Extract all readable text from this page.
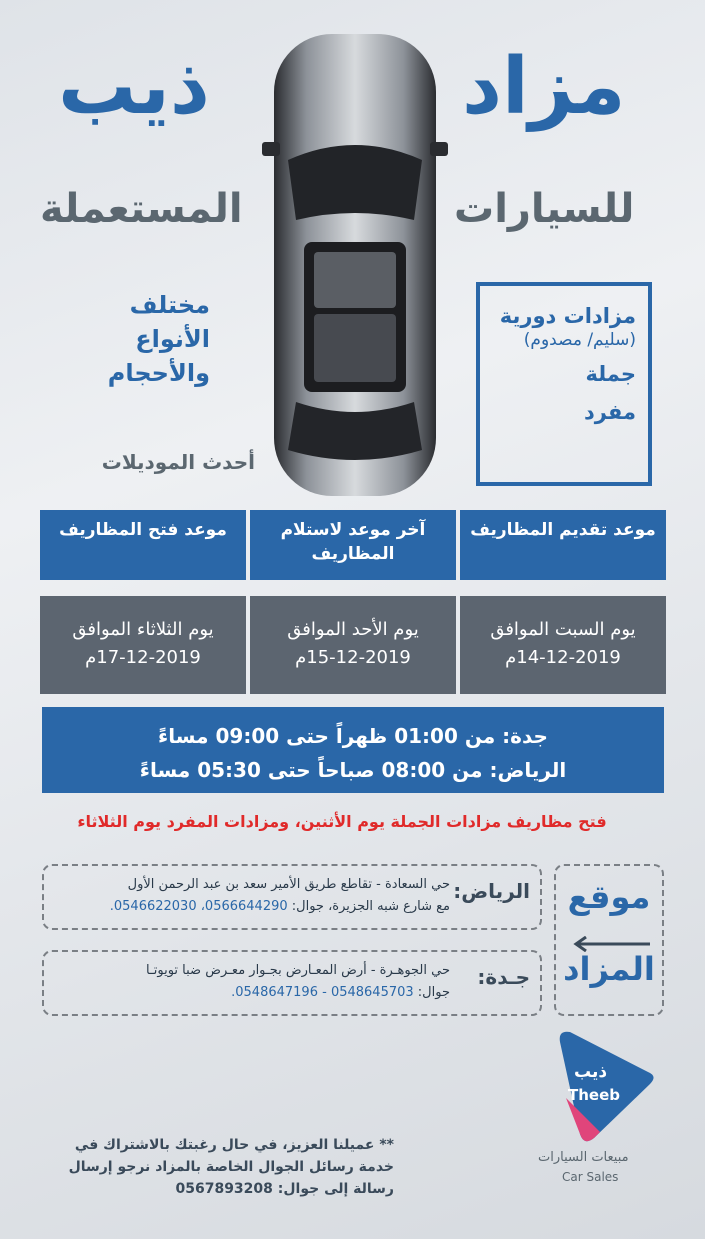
مزاد
ذيب
للسيارات
المستعملة
مختلف
الأنواع
والأحجام
أحدث الموديلات
مزادات دورية
(سليم/ مصدوم)
جملة
مفرد
موعد تقديم المظاريف
آخر موعد لاستلام المظاريف
موعد فتح المظاريف
يوم السبت الموافق
14-12-2019م
يوم الأحد الموافق
15-12-2019م
يوم الثلاثاء الموافق
17-12-2019م
جدة: من 01:00 ظهراً حتى 09:00 مساءً
الرياض: من 08:00 صباحاً حتى 05:30 مساءً
فتح مظاريف مزادات الجملة يوم الأثنين، ومزادات المفرد يوم الثلاثاء
موقع
المزاد
الرياض:
حي السعادة - تقاطع طريق الأمير سعد بن عبد الرحمن الأول
مع شارع شبه الجزيرة، جوال: 0566644290، 0546622030.
جـدة:
حي الجوهـرة - أرض المعـارض بجـوار معـرض ضبا تويوتـا
جوال: 0548645703 - 0548647196.
ذيب
Theeb
مبيعات السيارات
Car Sales
** عميلنا العزيز، في حال رغبتك بالاشتراك في
خدمة رسائل الجوال الخاصة بالمزاد نرجو إرسال
رسالة إلى جوال: 0567893208
